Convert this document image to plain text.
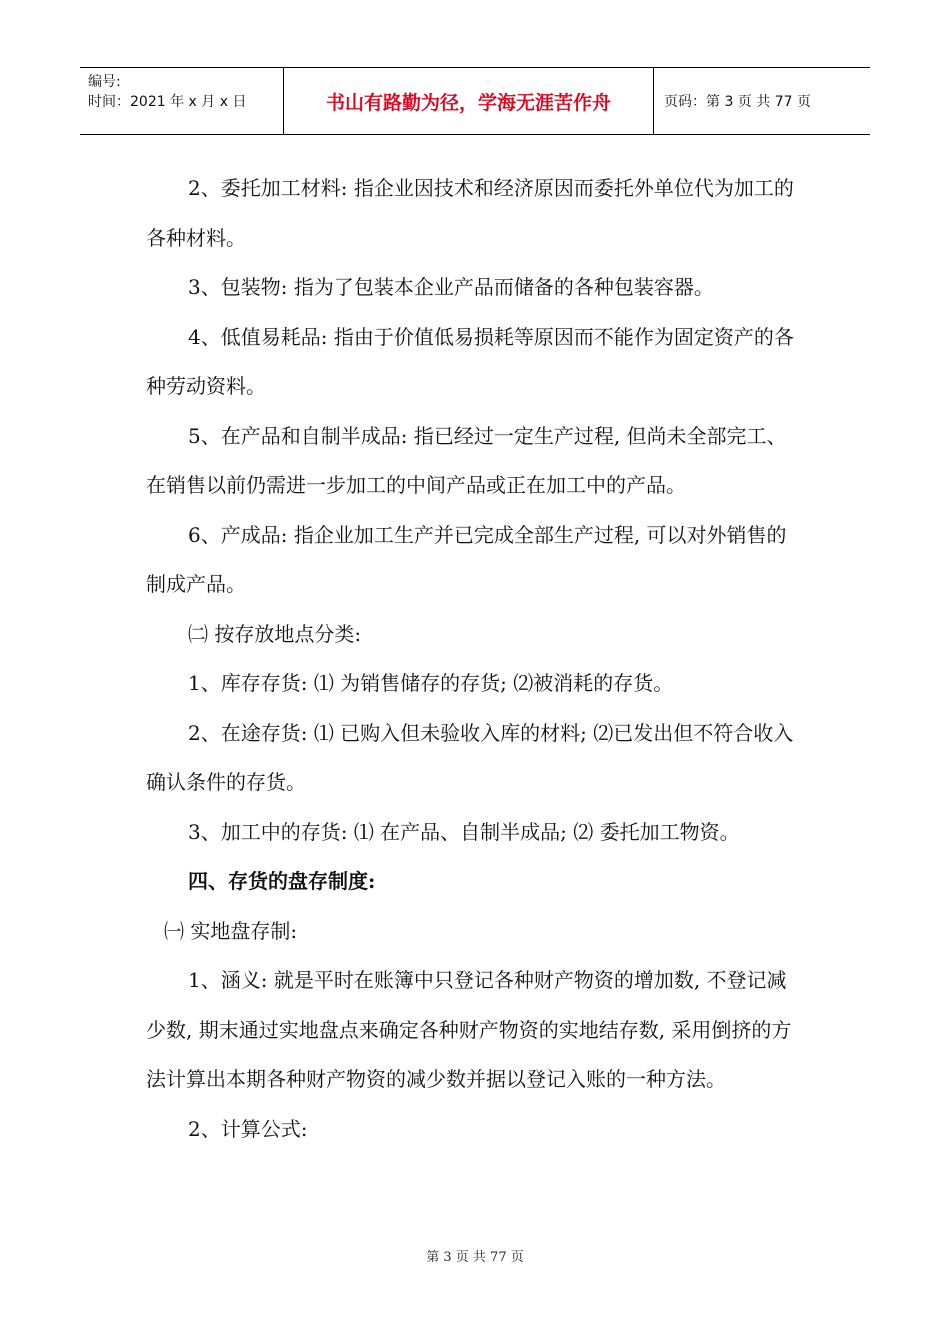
编号:
时间：2021 年 x 月 x 日	书山有路勤为径，学海无涯苦作舟	页码：第 3 页 共 77 页

2、委托加工材料: 指企业因技术和经济原因而委托外单位代为加工的各种材料。

3、包装物: 指为了包装本企业产品而储备的各种包装容器。

4、低值易耗品: 指由于价值低易损耗等原因而不能作为固定资产的各种劳动资料。

5、在产品和自制半成品: 指已经过一定生产过程, 但尚未全部完工、在销售以前仍需进一步加工的中间产品或正在加工中的产品。

6、产成品: 指企业加工生产并已完成全部生产过程, 可以对外销售的制成产品。

㈡ 按存放地点分类:

1、库存存货: ⑴ 为销售储存的存货; ⑵被消耗的存货。

2、在途存货: ⑴ 已购入但未验收入库的材料; ⑵已发出但不符合收入确认条件的存货。

3、加工中的存货: ⑴ 在产品、自制半成品; ⑵ 委托加工物资。

四、存货的盘存制度:

㈠ 实地盘存制:

1、涵义: 就是平时在账簿中只登记各种财产物资的增加数, 不登记减少数, 期末通过实地盘点来确定各种财产物资的实地结存数, 采用倒挤的方法计算出本期各种财产物资的减少数并据以登记入账的一种方法。

2、计算公式:

第 3 页 共 77 页
